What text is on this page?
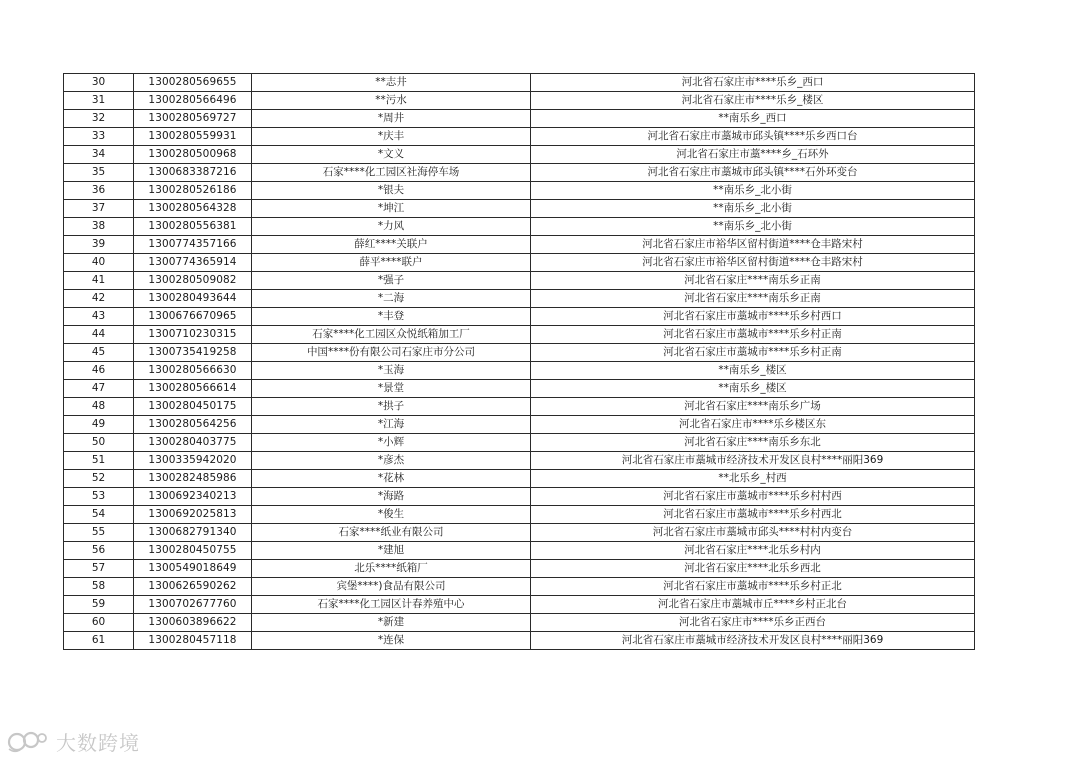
30	1300280569655	**志井	河北省石家庄市****乐乡_西口
31	1300280566496	**污水	河北省石家庄市****乐乡_楼区
32	1300280569727	*周井	**南乐乡_西口
33	1300280559931	*庆丰	河北省石家庄市藁城市邱头镇****乐乡西口台
34	1300280500968	*文义	河北省石家庄市藁****乡_石环外
35	1300683387216	石家****化工园区社海停车场	河北省石家庄市藁城市邱头镇****石外环变台
36	1300280526186	*银夫	**南乐乡_北小街
37	1300280564328	*坤江	**南乐乡_北小街
38	1300280556381	*力风	**南乐乡_北小街
39	1300774357166	薛红****关联户	河北省石家庄市裕华区留村街道****仓丰路宋村
40	1300774365914	薛平****联户	河北省石家庄市裕华区留村街道****仓丰路宋村
41	1300280509082	*强子	河北省石家庄****南乐乡正南
42	1300280493644	*二海	河北省石家庄****南乐乡正南
43	1300676670965	*丰登	河北省石家庄市藁城市****乐乡村西口
44	1300710230315	石家****化工园区众悦纸箱加工厂	河北省石家庄市藁城市****乐乡村正南
45	1300735419258	中国****份有限公司石家庄市分公司	河北省石家庄市藁城市****乐乡村正南
46	1300280566630	*玉海	**南乐乡_楼区
47	1300280566614	*景堂	**南乐乡_楼区
48	1300280450175	*拱子	河北省石家庄****南乐乡广场
49	1300280564256	*江海	河北省石家庄市****乐乡楼区东
50	1300280403775	*小辉	河北省石家庄****南乐乡东北
51	1300335942020	*彦杰	河北省石家庄市藁城市经济技术开发区良村****丽阳369
52	1300282485986	*花林	**北乐乡_村西
53	1300692340213	*海路	河北省石家庄市藁城市****乐乡村村西
54	1300692025813	*俊生	河北省石家庄市藁城市****乐乡村西北
55	1300682791340	石家****纸业有限公司	河北省石家庄市藁城市邱头****村村内变台
56	1300280450755	*建旭	河北省石家庄****北乐乡村内
57	1300549018649	北乐****纸箱厂	河北省石家庄****北乐乡西北
58	1300626590262	宾堡****)食品有限公司	河北省石家庄市藁城市****乐乡村正北
59	1300702677760	石家****化工园区计春养殖中心	河北省石家庄市藁城市丘****乡村正北台
60	1300603896622	*新建	河北省石家庄市****乐乡正西台
61	1300280457118	*连保	河北省石家庄市藁城市经济技术开发区良村****丽阳369
大数跨境
